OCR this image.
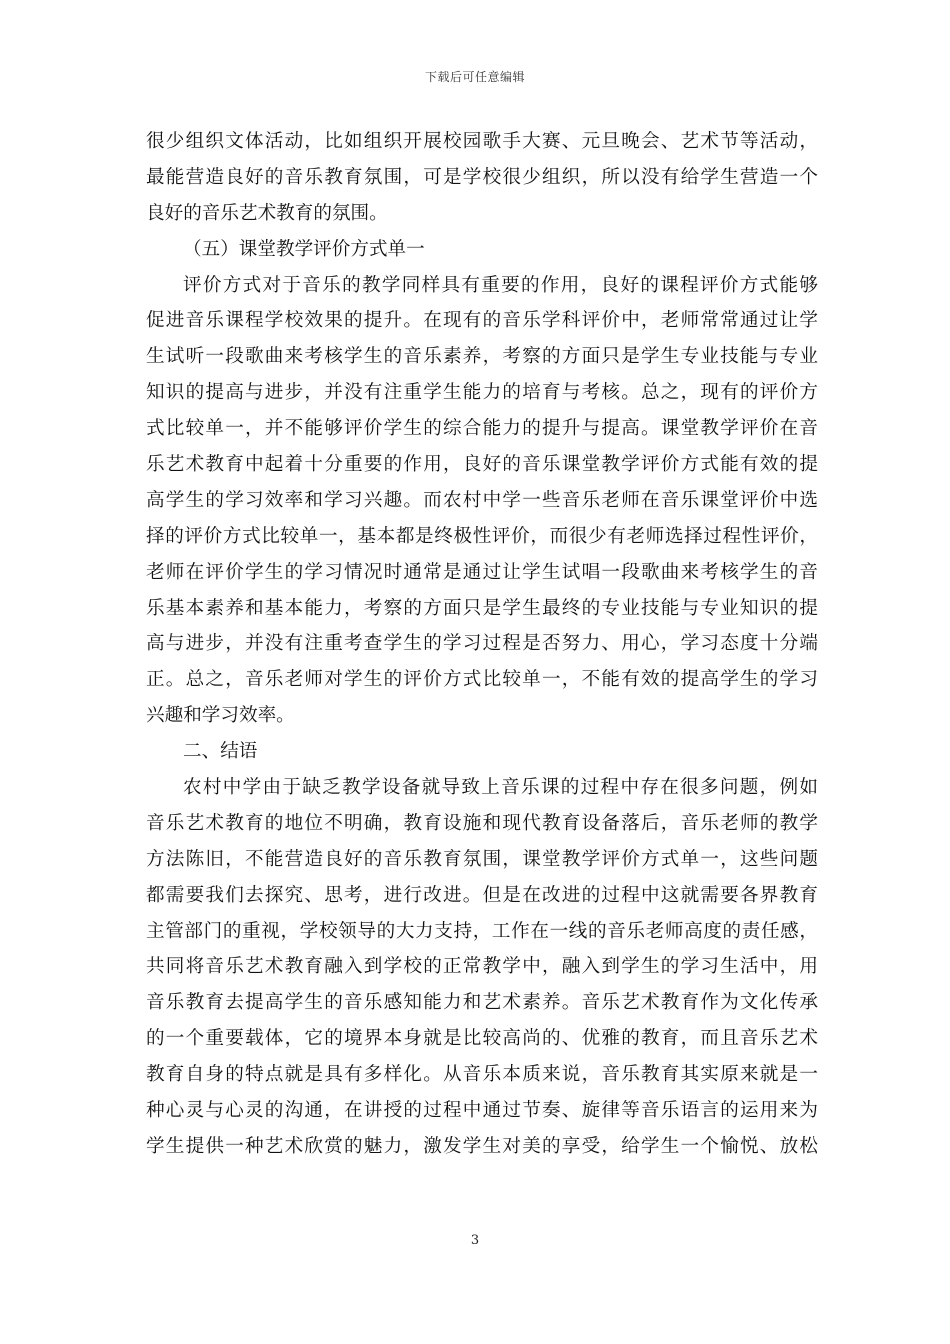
下载后可任意编辑
很少组织文体活动，比如组织开展校园歌手大赛、元旦晚会、艺术节等活动，
最能营造良好的音乐教育氛围，可是学校很少组织，所以没有给学生营造一个
良好的音乐艺术教育的氛围。
（五）课堂教学评价方式单一
评价方式对于音乐的教学同样具有重要的作用，良好的课程评价方式能够
促进音乐课程学校效果的提升。在现有的音乐学科评价中，老师常常通过让学
生试听一段歌曲来考核学生的音乐素养，考察的方面只是学生专业技能与专业
知识的提高与进步，并没有注重学生能力的培育与考核。总之，现有的评价方
式比较单一，并不能够评价学生的综合能力的提升与提高。课堂教学评价在音
乐艺术教育中起着十分重要的作用，良好的音乐课堂教学评价方式能有效的提
高学生的学习效率和学习兴趣。而农村中学一些音乐老师在音乐课堂评价中选
择的评价方式比较单一，基本都是终极性评价，而很少有老师选择过程性评价，
老师在评价学生的学习情况时通常是通过让学生试唱一段歌曲来考核学生的音
乐基本素养和基本能力，考察的方面只是学生最终的专业技能与专业知识的提
高与进步，并没有注重考查学生的学习过程是否努力、用心，学习态度十分端
正。总之，音乐老师对学生的评价方式比较单一，不能有效的提高学生的学习
兴趣和学习效率。
二、结语
农村中学由于缺乏教学设备就导致上音乐课的过程中存在很多问题，例如
音乐艺术教育的地位不明确，教育设施和现代教育设备落后，音乐老师的教学
方法陈旧，不能营造良好的音乐教育氛围，课堂教学评价方式单一，这些问题
都需要我们去探究、思考，进行改进。但是在改进的过程中这就需要各界教育
主管部门的重视，学校领导的大力支持，工作在一线的音乐老师高度的责任感，
共同将音乐艺术教育融入到学校的正常教学中，融入到学生的学习生活中，用
音乐教育去提高学生的音乐感知能力和艺术素养。音乐艺术教育作为文化传承
的一个重要载体，它的境界本身就是比较高尚的、优雅的教育，而且音乐艺术
教育自身的特点就是具有多样化。从音乐本质来说，音乐教育其实原来就是一
种心灵与心灵的沟通，在讲授的过程中通过节奏、旋律等音乐语言的运用来为
学生提供一种艺术欣赏的魅力，激发学生对美的享受，给学生一个愉悦、放松
3
